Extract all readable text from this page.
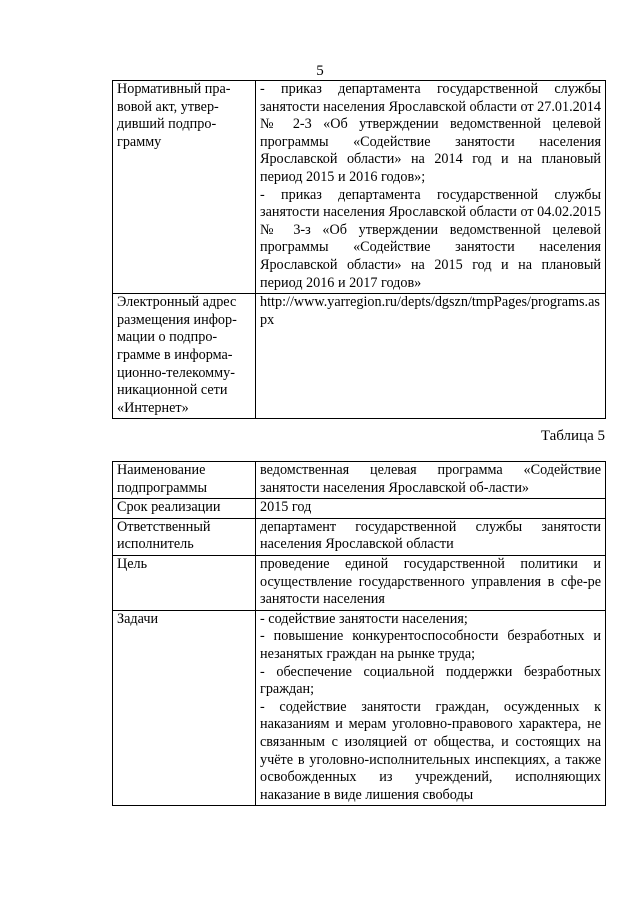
5
Нормативный пра-вовой акт, утвер-дивший подпро-грамму	- приказ департамента государственной службы занятости населения Ярославской области от 27.01.2014 № 2-3 «Об утверждении ведомственной целевой программы «Содействие занятости населения Ярославской области» на 2014 год и на плановый период 2015 и 2016 годов»;
- приказ департамента государственной службы занятости населения Ярославской области от 04.02.2015 № 3-з «Об утверждении ведомственной целевой программы «Содействие занятости населения Ярославской области» на 2015 год и на плановый период 2016 и 2017 годов»

Электронный адрес размещения инфор-мации о подпро-грамме в информа-ционно-телекомму-никационной сети «Интернет»	http://www.yarregion.ru/depts/dgszn/tmpPages/programs.aspx
Таблица 5
Наименование подпрограммы	ведомственная целевая программа «Содействие занятости населения Ярославской об-ласти»

Срок реализации	2015 год

Ответственный исполнитель	департамент государственной службы занятости населения Ярославской области

Цель	проведение единой государственной политики и осуществление государственного управления в сфе-ре занятости населения

Задачи	- содействие занятости населения;
- повышение конкурентоспособности безработных и незанятых граждан на рынке труда;
- обеспечение социальной поддержки безработных граждан;
- содействие занятости граждан, осужденных к наказаниям и мерам уголовно-правового характера, не связанным с изоляцией от общества, и состоящих на учёте в уголовно-исполнительных инспекциях, а также освобожденных из учреждений, исполняющих наказание в виде лишения свободы
